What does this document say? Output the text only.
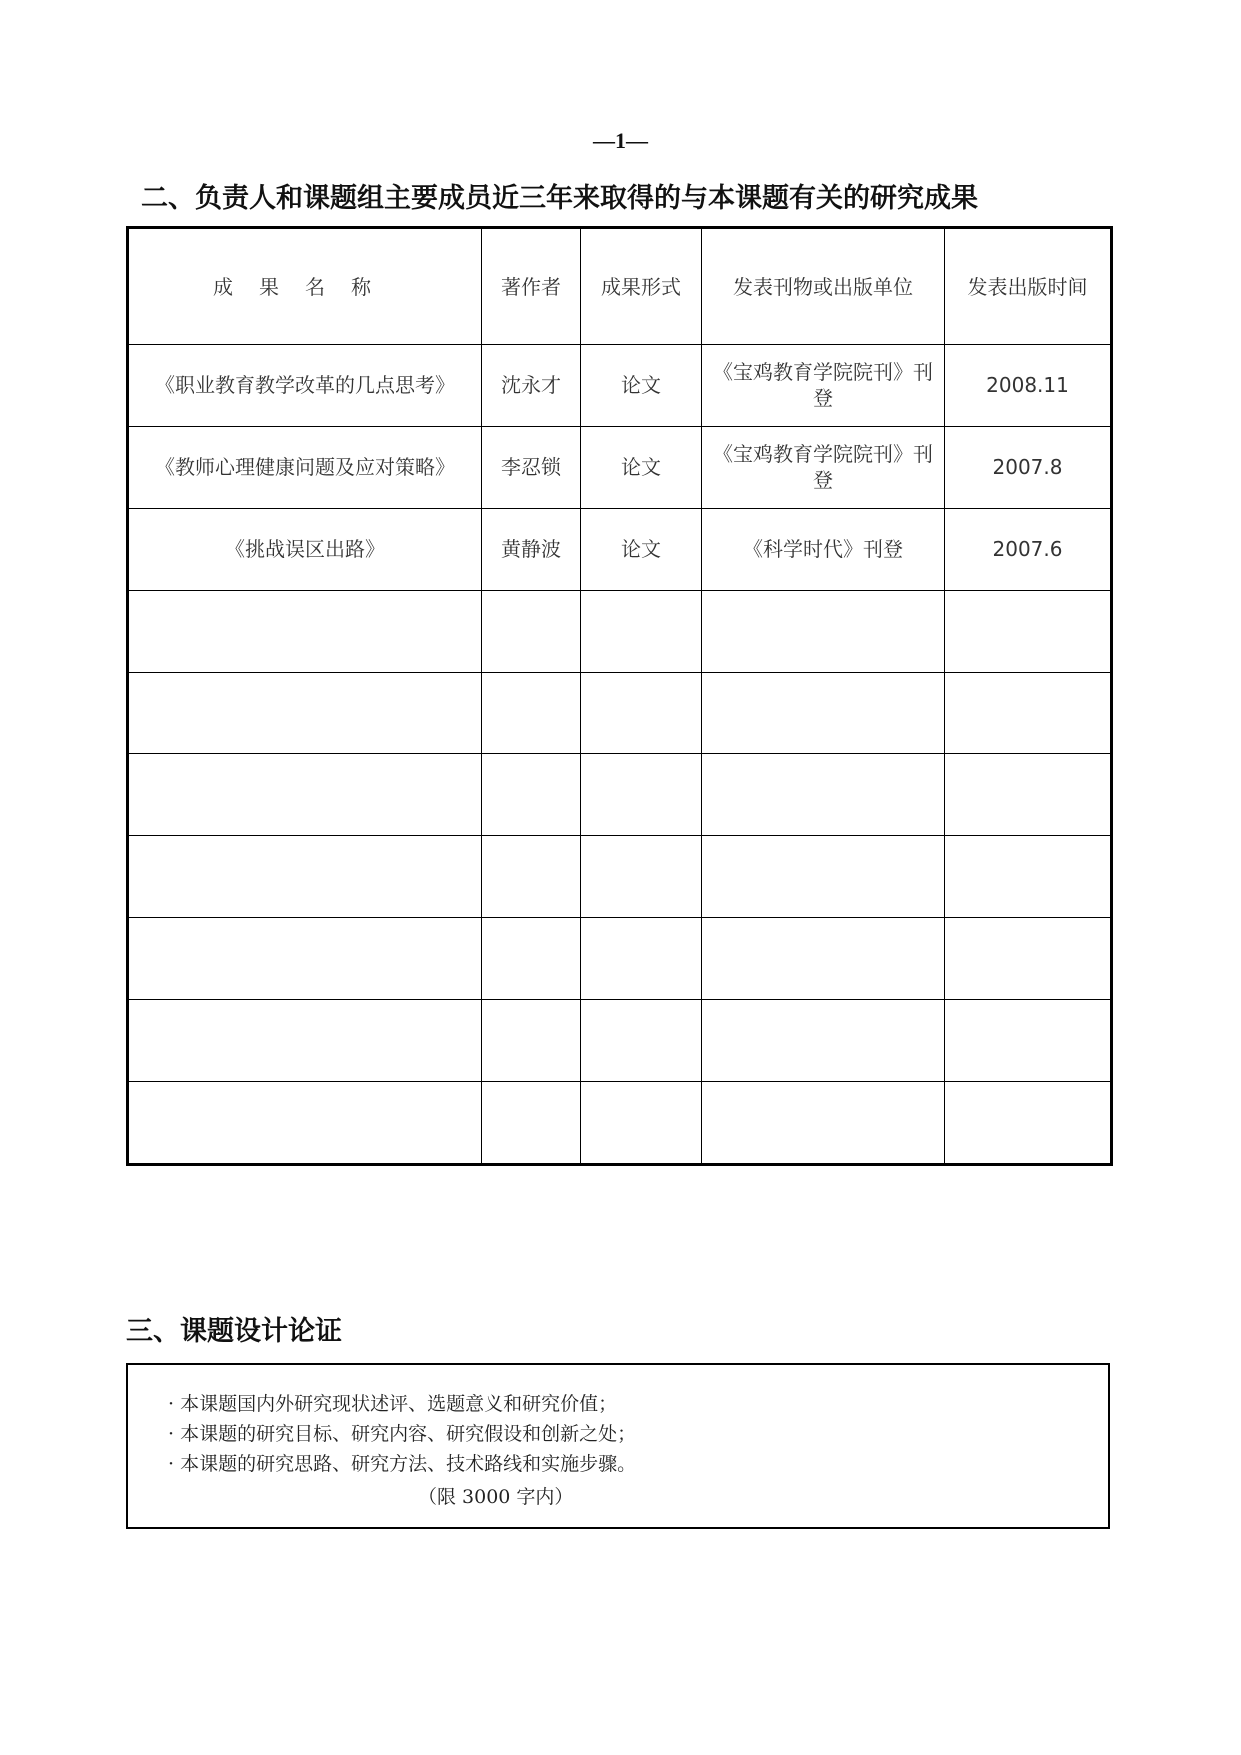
—1—
二、负责人和课题组主要成员近三年来取得的与本课题有关的研究成果
成果名称	著作者	成果形式	发表刊物或出版单位	发表出版时间
《职业教育教学改革的几点思考》	沈永才	论文	《宝鸡教育学院院刊》刊登	2008.11
《教师心理健康问题及应对策略》	李忍锁	论文	《宝鸡教育学院院刊》刊登	2007.8
《挑战误区出路》	黄静波	论文	《科学时代》刊登	2007.6

三、课题设计论证
· 本课题国内外研究现状述评、选题意义和研究价值；
· 本课题的研究目标、研究内容、研究假设和创新之处；
· 本课题的研究思路、研究方法、技术路线和实施步骤。
（限 3000 字内）
